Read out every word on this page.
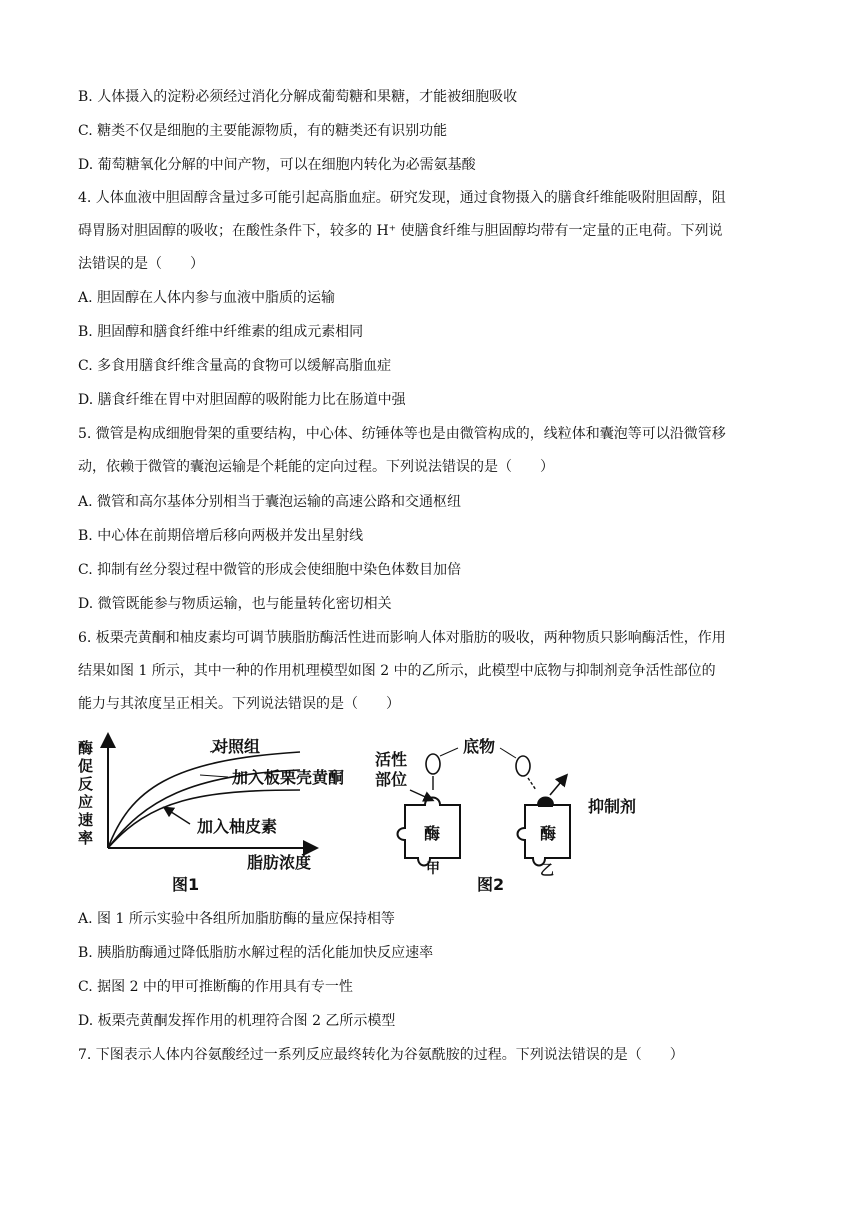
B. 人体摄入的淀粉必须经过消化分解成葡萄糖和果糖，才能被细胞吸收
C. 糖类不仅是细胞的主要能源物质，有的糖类还有识别功能
D. 葡萄糖氧化分解的中间产物，可以在细胞内转化为必需氨基酸
4. 人体血液中胆固醇含量过多可能引起高脂血症。研究发现，通过食物摄入的膳食纤维能吸附胆固醇，阻
碍胃肠对胆固醇的吸收；在酸性条件下，较多的 H⁺ 使膳食纤维与胆固醇均带有一定量的正电荷。下列说
法错误的是（　　）
A. 胆固醇在人体内参与血液中脂质的运输
B. 胆固醇和膳食纤维中纤维素的组成元素相同
C. 多食用膳食纤维含量高的食物可以缓解高脂血症
D. 膳食纤维在胃中对胆固醇的吸附能力比在肠道中强
5. 微管是构成细胞骨架的重要结构，中心体、纺锤体等也是由微管构成的，线粒体和囊泡等可以沿微管移
动，依赖于微管的囊泡运输是个耗能的定向过程。下列说法错误的是（　　）
A. 微管和高尔基体分别相当于囊泡运输的高速公路和交通枢纽
B. 中心体在前期倍增后移向两极并发出星射线
C. 抑制有丝分裂过程中微管的形成会使细胞中染色体数目加倍
D. 微管既能参与物质运输，也与能量转化密切相关
6. 板栗壳黄酮和柚皮素均可调节胰脂肪酶活性进而影响人体对脂肪的吸收，两种物质只影响酶活性，作用
结果如图 1 所示，其中一种的作用机理模型如图 2 中的乙所示，此模型中底物与抑制剂竞争活性部位的
能力与其浓度呈正相关。下列说法错误的是（　　）
A. 图 1 所示实验中各组所加脂肪酶的量应保持相等
B. 胰脂肪酶通过降低脂肪水解过程的活化能加快反应速率
C. 据图 2 中的甲可推断酶的作用具有专一性
D. 板栗壳黄酮发挥作用的机理符合图 2 乙所示模型
7. 下图表示人体内谷氨酸经过一系列反应最终转化为谷氨酰胺的过程。下列说法错误的是（　　）
酶促反应速率	对照组
加入板栗壳黄酮
加入柚皮素
脂肪浓度
图1
活性部位
底物
抑制剂
酶
甲
酶
乙
图2
